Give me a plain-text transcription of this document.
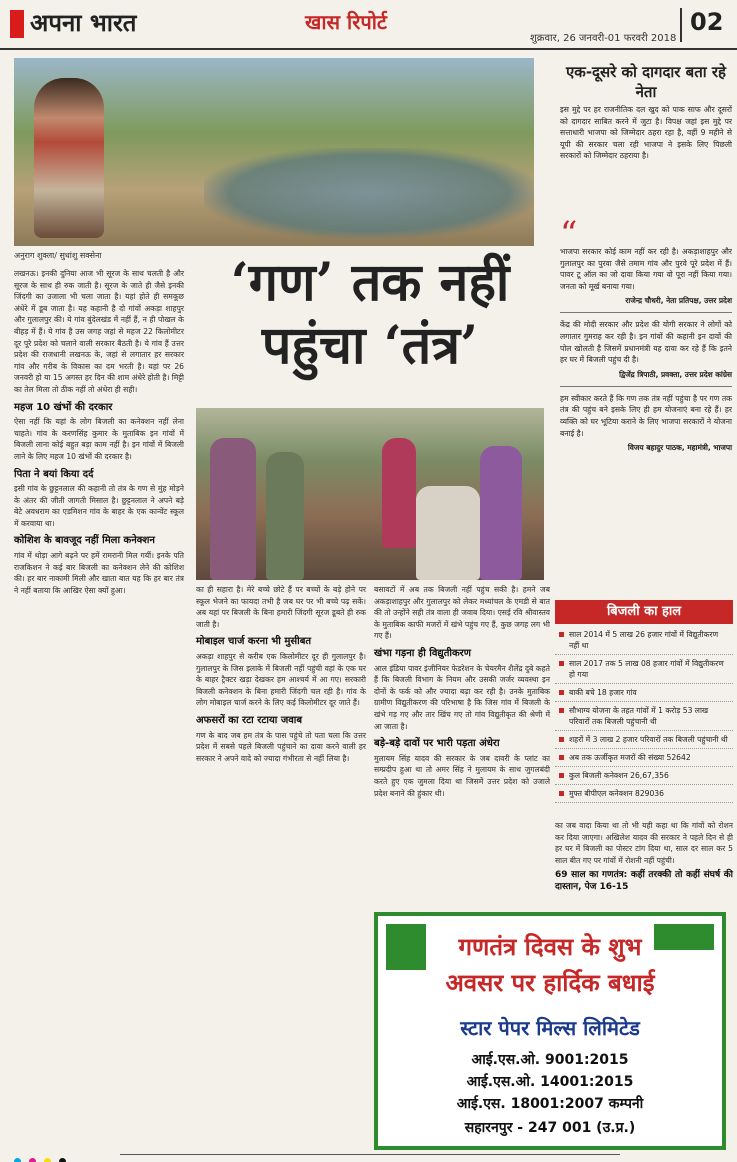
अपना भारत	खास रिपोर्ट
शुक्रवार, 26 जनवरी-01 फरवरी 2018
02
अनुराग शुक्ला/ सुधांशु सक्सेना	‘गण’ तक नहीं
पहुंचा ‘तंत्र’
लखनऊ। इनकी दुनिया आज भी सूरज के साथ चलती है और सूरज के साथ ही रुक जाती है। सूरज के जाते ही जैसे इनकी जिंदगी का उजाला भी चला जाता है। यहां होते ही समकूछ अंधेरे में डूब जाता है। यह कहानी है दो गांवों अकड़ा शाहपुर और गुलालपुर की। ये गांव बुंदेलखंड में नहीं हैं, न ही पोखल के बीहड़ में हैं। ये गांव है उस जगह जहां से महज 22 किलोमीटर दूर पूरे प्रदेश को चलाने वाली सरकार बैठती है। ये गांव हैं उत्तर प्रदेश की राजधानी लखनऊ के, जहां से लगातार हर सरकार गांव और गरीब के विकास का दम भरती है। यहां पर 26 जनवरी हो या 15 अगस्त हर दिन की शाम अंधेरे होती है। मिट्टी का तेल मिला तो ठीक नहीं तो अंधेरा ही सही।
महज 10 खंभों की दरकार
ऐसा नहीं कि यहां के लोग बिजली का कनेक्शन नहीं लेना चाहते। गांव के करणसिंह कुमार के मुताबिक इन गांवों में बिजली लाना कोई बहुत बड़ा काम नहीं है। इन गांवों में बिजली लाने के लिए महज 10 खंभों की दरकार है।
पिता ने बयां किया दर्द
इसी गांव के छुट्टनलाल की कहानी तो तंत्र के गण से मुंह मोड़ने के अंतर की जीती जागती मिसाल है। छुट्टनलाल ने अपने बड़े बेटे अवधराम का एडमिशन गांव के बाहर के एक कान्वेंट स्कूल में करवाया था।
कोशिश के बावजूद नहीं मिला कनेक्शन
गांव में थोड़ा आगे बढ़ने पर हमें रामरानी मिल गयीं। इनके पति राजकिशन ने कई बार बिजली का कनेक्शन लेने की कोशिश की। हर बार नाकामी मिली और खाता बात यह कि हर बार तंत्र ने नहीं बताया कि आखिर ऐसा क्यों हुआ।	का ही सहारा है। मेरे बच्चे छोटे हैं पर बच्चों के बड़े होने पर स्कूल भेजने का फायदा तभी है जब घर पर भी बच्चे पढ़ सकें। अब यहां पर बिजली के बिना हमारी जिंदगी सूरज डूबते ही रुक जाती है।
मोबाइल चार्ज करना भी मुसीबत
अकड़ा शाहपुर से करीब एक किलोमीटर दूर ही गुलालपुर है। गुलालपुर के जिस इलाके में बिजली नहीं पहुंची वहां के एक घर के बाहर ट्रैक्टर खड़ा देखकर हम आश्चर्य में आ गए। सरकारी बिजली कनेक्शन के बिना हमारी जिंदगी चल रही है। गांव के लोग मोबाइल चार्ज करने के लिए कई किलोमीटर दूर जाते हैं।
अफसरों का रटा रटाया जवाब
गण के बाद जब हम तंत्र के पास पहुंचे तो पता चला कि उत्तर प्रदेश में सबसे पहले बिजली पहुंचाने का दावा करने वाली हर सरकार ने अपने वादे को ज्यादा गंभीरता से नहीं लिया है।
बसावटों में अब तक बिजली नहीं पहुंच सकी है। हमने जब अकड़ाशाहपुर और गुलालपुर को लेकर मध्यांचल के एमडी से बात की तो उन्होंने सही तंत्र वाला ही जवाब दिया। एसई रवि श्रीवास्तव के मुताबिक काफी मजरों में खंभे पहुंच गए हैं, कुछ जगह लग भी गए हैं।
खंभा गड़ना ही विद्युतीकरण
आल इंडिया पावर इंजीनियर फेडरेशन के चेयरमैन शैलेंद्र दुबे कहते हैं कि बिजली विभाग के नियम और उसकी जर्जर व्यवस्था इन दोनों के फर्क को और ज्यादा बढ़ा कर रही है। उनके मुताबिक ग्रामीण विद्युतीकरण की परिभाषा है कि जिस गांव में बिजली के खंभे गड़ गए और तार खिंच गए तो गांव विद्युतीकृत की श्रेणी में आ जाता है।
बड़े-बड़े दावों पर भारी पड़ता अंधेरा
मुलायम सिंह यादव की सरकार के जब दावरी के प्लांट का सम्प्रदीप हुआ था तो अमर सिंह ने मुलायम के साथ जुगलबंदी करते हुए एक जुमला दिया था जिसमें उत्तर प्रदेश को उजाले प्रदेश बनाने की हुंकार थी।
एक-दूसरे को दागदार बता रहे नेता
इस मुद्दे पर हर राजनीतिक दल खुद को पाक साफ और दूसरों को दागदार साबित करने में जुटा है। विपक्ष जहां इस मुद्दे पर सत्ताधारी भाजपा को जिम्मेदार ठहरा रहा है, वहीं 9 महीने से यूपी की सरकार चला रही भाजपा ने इसके लिए पिछली सरकारों को जिम्मेदार ठहराया है।
“
भाजपा सरकार कोई काम नहीं कर रही है। अकड़ाशाहपुर और गुलालपुर का पुरवा जैसे तमाम गांव और पुरवे पूरे प्रदेश में हैं। पावर टू ऑल का जो दावा किया गया वो पूरा नहीं किया गया। जनता को मूर्ख बनाया गया।
राजेन्द्र चौधरी, नेता प्रतिपक्ष, उत्तर प्रदेश
केंद्र की मोदी सरकार और प्रदेश की योगी सरकार ने लोगों को लगातार गुमराह कर रही है। इन गांवों की कहानी इन दावों की पोल खोलती है जिसमें प्रधानमंत्री यह दावा कर रहे हैं कि इतने हर घर में बिजली पहुंच दी है।
द्विजेंद्र त्रिपाठी, प्रवक्ता, उत्तर प्रदेश कांग्रेस
हम स्वीकार करते हैं कि गण तक तंत्र नहीं पहुंचा है पर गण तक तंत्र की पहुंच बने इसके लिए ही हम योजनाएं बना रहे हैं। हर व्यक्ति को घर भूटिया कराने के लिए भाजपा सरकारों ने योजना बनाई है।
विजय बहादुर पाठक, महामंत्री, भाजपा
बिजली का हाल
साल 2014 में 5 लाख 26 हजार गांवों में विद्युतीकरण नहीं था
साल 2017 तक 5 लाख 08 हजार गांवों में विद्युतीकरण हो गया
बाकी बचे 18 हजार गांव
सौभाग्य योजना के तहत गांवों में 1 करोड़ 53 लाख परिवारों तक बिजली पहुंचानी थी
शहरों में 3 लाख 2 हजार परिवारों तक बिजली पहुंचानी थी
अब तक ऊर्जीकृत मजरों की संख्या 52642
कुल बिजली कनेक्शन 26,67,356
मुफ्त बीपीएल कनेक्शन 829036
का जब वादा किया था तो भी यही कहा था कि गांवों को रोशन कर दिया जाएगा। अखिलेश यादव की सरकार ने पहले दिन से ही हर घर में बिजली का पोस्टर टांग दिया था, साल दर साल कर 5 साल बीत गए पर गांवों में रोशनी नहीं पहुंची।
69 साल का गणतंत्र: कहीं तरक्की तो कहीं संघर्ष की दास्तान, पेज 16-15
गणतंत्र दिवस के शुभ
अवसर पर हार्दिक बधाई
स्टार पेपर मिल्स लिमिटेड
आई.एस.ओ. 9001:2015
आई.एस.ओ. 14001:2015
आई.एस. 18001:2007 कम्पनी
सहारनपुर - 247 001 (उ.प्र.)
